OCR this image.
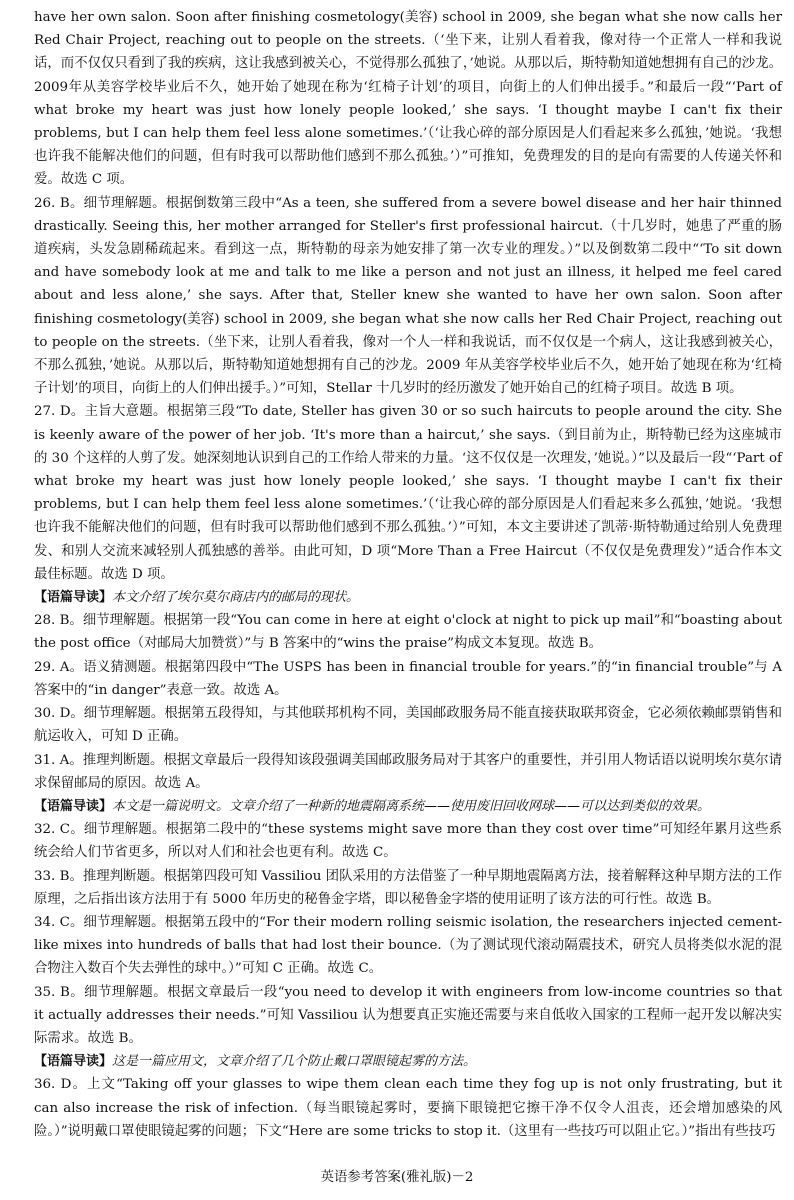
have her own salon. Soon after finishing cosmetology(美容) school in 2009, she began what she now calls her Red Chair Project, reaching out to people on the streets.（‘坐下来，让别人看着我，像对待一个正常人一样和我说话，而不仅仅只看到了我的疾病，这让我感到被关心，不觉得那么孤独了，’她说。从那以后，斯特勒知道她想拥有自己的沙龙。2009年从美容学校毕业后不久，她开始了她现在称为‘红椅子计划’的项目，向街上的人们伸出援手。”和最后一段“‘Part of what broke my heart was just how lonely people looked,’ she says. ‘I thought maybe I can't fix their problems, but I can help them feel less alone sometimes.’（‘让我心碎的部分原因是人们看起来多么孤独，’她说。‘我想也许我不能解决他们的问题，但有时我可以帮助他们感到不那么孤独。’）”可推知，免费理发的目的是向有需要的人传递关怀和爱。故选 C 项。

26. B。细节理解题。根据倒数第三段中“As a teen, she suffered from a severe bowel disease and her hair thinned drastically. Seeing this, her mother arranged for Steller's first professional haircut.（十几岁时，她患了严重的肠道疾病，头发急剧稀疏起来。看到这一点，斯特勒的母亲为她安排了第一次专业的理发。）”以及倒数第二段中“‘To sit down and have somebody look at me and talk to me like a person and not just an illness, it helped me feel cared about and less alone,’ she says. After that, Steller knew she wanted to have her own salon. Soon after finishing cosmetology(美容) school in 2009, she began what she now calls her Red Chair Project, reaching out to people on the streets.（坐下来，让别人看着我，像对一个人一样和我说话，而不仅仅是一个病人，这让我感到被关心，不那么孤独，’她说。从那以后，斯特勒知道她想拥有自己的沙龙。2009 年从美容学校毕业后不久，她开始了她现在称为‘红椅子计划’的项目，向街上的人们伸出援手。）”可知，Stellar 十几岁时的经历激发了她开始自己的红椅子项目。故选 B 项。

27. D。主旨大意题。根据第三段“To date, Steller has given 30 or so such haircuts to people around the city. She is keenly aware of the power of her job. ‘It's more than a haircut,’ she says.（到目前为止，斯特勒已经为这座城市的 30 个这样的人剪了发。她深刻地认识到自己的工作给人带来的力量。‘这不仅仅是一次理发，’她说。）”以及最后一段“‘Part of what broke my heart was just how lonely people looked,’ she says. ‘I thought maybe I can't fix their problems, but I can help them feel less alone sometimes.’（‘让我心碎的部分原因是人们看起来多么孤独，’她说。‘我想也许我不能解决他们的问题，但有时我可以帮助他们感到不那么孤独。’）”可知，本文主要讲述了凯蒂·斯特勒通过给别人免费理发、和别人交流来减轻别人孤独感的善举。由此可知，D 项“More Than a Free Haircut（不仅仅是免费理发）”适合作本文最佳标题。故选 D 项。

【语篇导读】本文介绍了埃尔莫尔商店内的邮局的现状。

28. B。细节理解题。根据第一段“You can come in here at eight o'clock at night to pick up mail”和“boasting about the post office（对邮局大加赞赏）”与 B 答案中的“wins the praise”构成文本复现。故选 B。

29. A。语义猜测题。根据第四段中“The USPS has been in financial trouble for years.”的“in financial trouble”与 A 答案中的“in danger”表意一致。故选 A。

30. D。细节理解题。根据第五段得知，与其他联邦机构不同，美国邮政服务局不能直接获取联邦资金，它必须依赖邮票销售和航运收入，可知 D 正确。

31. A。推理判断题。根据文章最后一段得知该段强调美国邮政服务局对于其客户的重要性，并引用人物话语以说明埃尔莫尔请求保留邮局的原因。故选 A。

【语篇导读】本文是一篇说明文。文章介绍了一种新的地震隔离系统——使用废旧回收网球——可以达到类似的效果。

32. C。细节理解题。根据第二段中的“these systems might save more than they cost over time”可知经年累月这些系统会给人们节省更多，所以对人们和社会也更有利。故选 C。

33. B。推理判断题。根据第四段可知 Vassiliou 团队采用的方法借鉴了一种早期地震隔离方法，接着解释这种早期方法的工作原理，之后指出该方法用于有 5000 年历史的秘鲁金字塔，即以秘鲁金字塔的使用证明了该方法的可行性。故选 B。

34. C。细节理解题。根据第五段中的“For their modern rolling seismic isolation, the researchers injected cement-like mixes into hundreds of balls that had lost their bounce.（为了测试现代滚动隔震技术，研究人员将类似水泥的混合物注入数百个失去弹性的球中。）”可知 C 正确。故选 C。

35. B。细节理解题。根据文章最后一段“you need to develop it with engineers from low-income countries so that it actually addresses their needs.”可知 Vassiliou 认为想要真正实施还需要与来自低收入国家的工程师一起开发以解决实际需求。故选 B。

【语篇导读】这是一篇应用文，文章介绍了几个防止戴口罩眼镜起雾的方法。

36. D。上文“Taking off your glasses to wipe them clean each time they fog up is not only frustrating, but it can also increase the risk of infection.（每当眼镜起雾时，要摘下眼镜把它擦干净不仅令人沮丧，还会增加感染的风险。）”说明戴口罩使眼镜起雾的问题；下文“Here are some tricks to stop it.（这里有一些技巧可以阻止它。）”指出有些技巧

英语参考答案(雅礼版)－2
